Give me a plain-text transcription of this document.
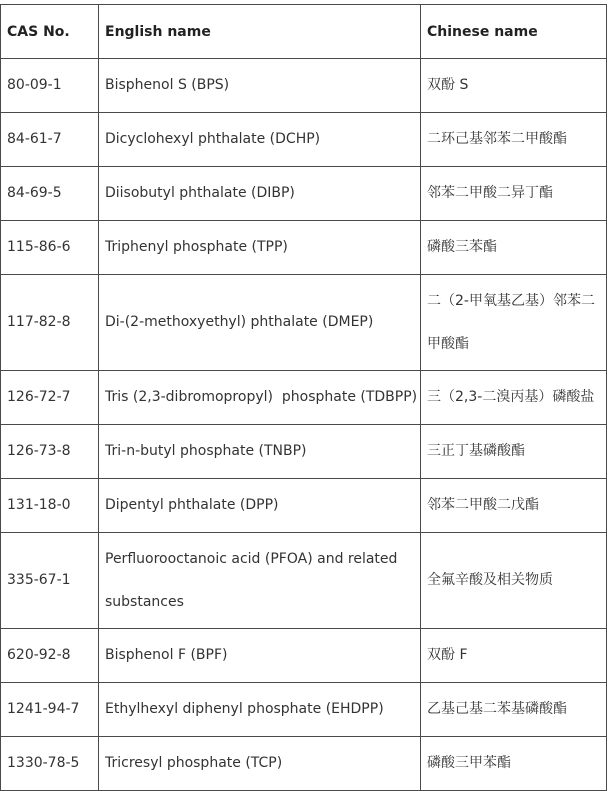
CAS No.	English name	Chinese name
80-09-1	Bisphenol S (BPS)	双酚 S
84-61-7	Dicyclohexyl phthalate (DCHP)	二环己基邻苯二甲酸酯
84-69-5	Diisobutyl phthalate (DIBP)	邻苯二甲酸二异丁酯
115-86-6	Triphenyl phosphate (TPP)	磷酸三苯酯
117-82-8	Di-(2-methoxyethyl) phthalate (DMEP)	二（2-甲氧基乙基）邻苯二甲酸酯
126-72-7	Tris (2,3-dibromopropyl)  phosphate (TDBPP)	三（2,3-二溴丙基）磷酸盐
126-73-8	Tri-n-butyl phosphate (TNBP)	三正丁基磷酸酯
131-18-0	Dipentyl phthalate (DPP)	邻苯二甲酸二戊酯
335-67-1	Perfluorooctanoic acid (PFOA) and related substances	全氟辛酸及相关物质
620-92-8	Bisphenol F (BPF)	双酚 F
1241-94-7	Ethylhexyl diphenyl phosphate (EHDPP)	乙基己基二苯基磷酸酯
1330-78-5	Tricresyl phosphate (TCP)	磷酸三甲苯酯
